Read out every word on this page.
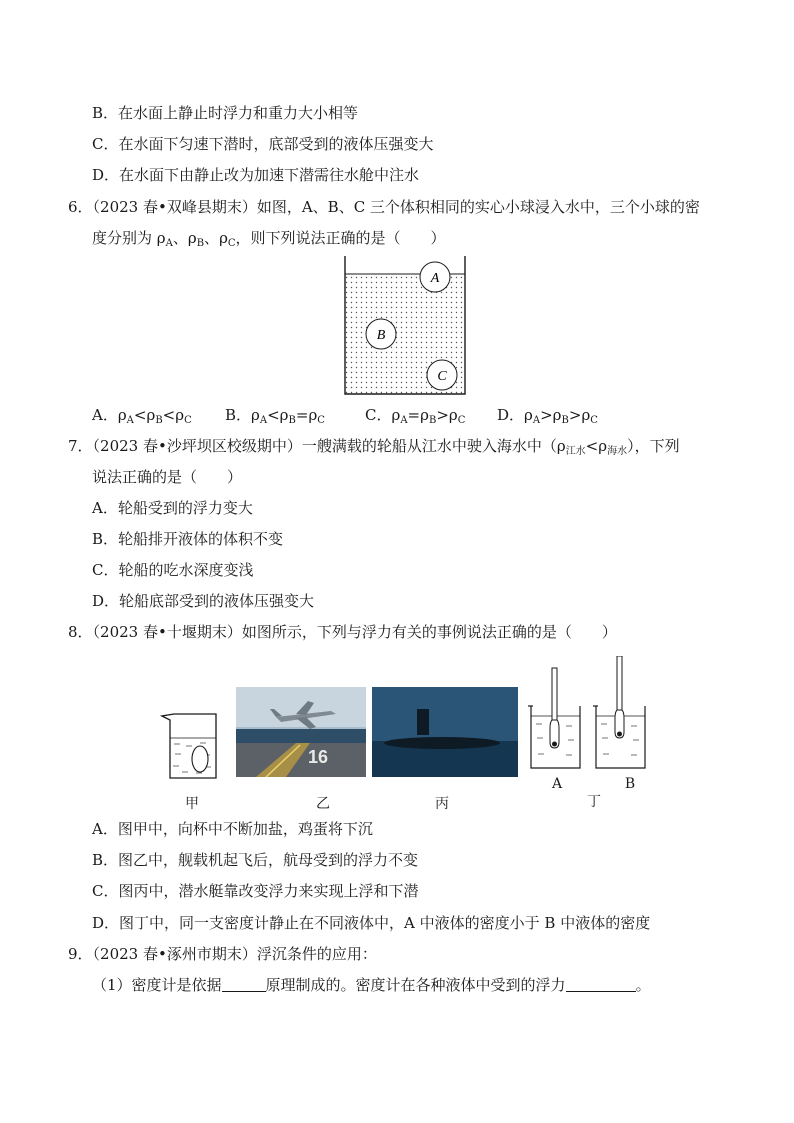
B．在水面上静止时浮力和重力大小相等
C．在水面下匀速下潜时，底部受到的液体压强变大
D．在水面下由静止改为加速下潜需往水舱中注水
6．（2023 春•双峰县期末）如图，A、B、C 三个体积相同的实心小球浸入水中，三个小球的密
度分别为 $\rho_A$、$\rho_B$、$\rho_C$，则下列说法正确的是（　　）
A
B
C
A．$\rho_A<\rho_B<\rho_C$ B．$\rho_A<\rho_B=\rho_C$	C．$\rho_A=\rho_B>\rho_C$ D．$\rho_A>\rho_B>\rho_C$
7．（2023 春•沙坪坝区校级期中）一艘满载的轮船从江水中驶入海水中$(\rho_{江水}<\rho_{海水})$，下列
说法正确的是（　　）
A．轮船受到的浮力变大
B．轮船排开液体的体积不变
C．轮船的吃水深度变浅
D．轮船底部受到的液体压强变大
8．（2023 春•十堰期末）如图所示，下列与浮力有关的事例说法正确的是（　　）
16
A	B
甲	乙	丙	丁
A．图甲中，向杯中不断加盐，鸡蛋将下沉
B．图乙中，舰载机起飞后，航母受到的浮力不变
C．图丙中，潜水艇靠改变浮力来实现上浮和下潜
D．图丁中，同一支密度计静止在不同液体中，A 中液体的密度小于 B 中液体的密度
9．（2023 春•涿州市期末）浮沉条件的应用：
（1）密度计是依据	原理制成的。密度计在各种液体中受到的浮力	。
